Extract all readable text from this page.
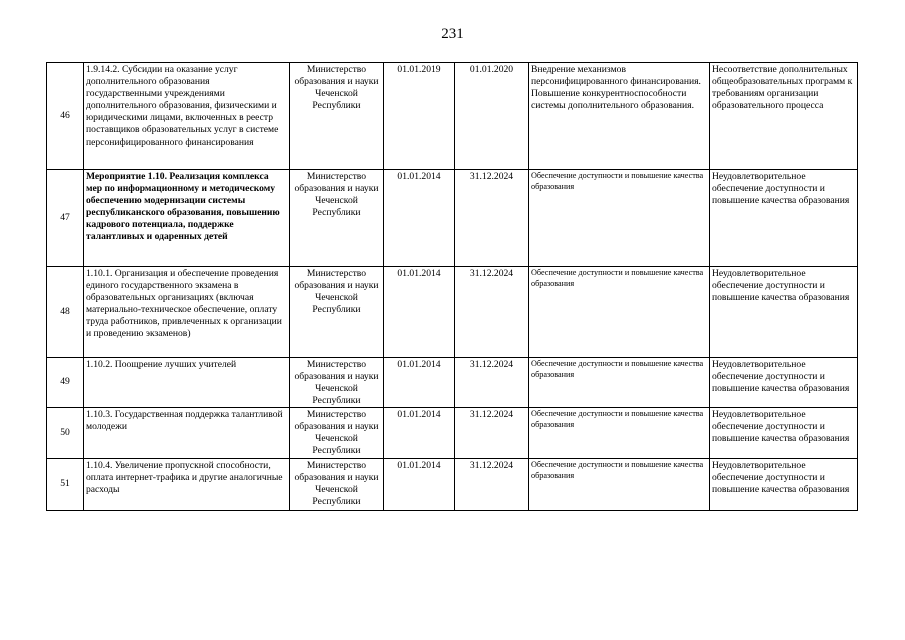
231
46	1.9.14.2. Субсидии на оказание услуг дополнительного образования государственными учреждениями дополнительного образования, физическими и юридическими лицами, включенных в реестр поставщиков образовательных услуг в системе персонифицированного финансирования	Министерство образования и науки Чеченской Республики	01.01.2019	01.01.2020	Внедрение механизмов персонифицированного финансирования. Повышение конкурентноспособности системы дополнительного образования.	Несоответствие дополнительных общеобразовательных программ к требованиям организации образовательного процесса

47	Мероприятие 1.10. Реализация комплекса мер по информационному и методическому обеспечению модернизации системы республиканского образования, повышению кадрового потенциала, поддержке талантливых и одаренных детей	Министерство образования и науки Чеченской Республики	01.01.2014	31.12.2024	Обеспечение доступности и повышение качества образования	Неудовлетворительное обеспечение доступности и повышение качества образования

48	1.10.1. Организация и обеспечение проведения единого государственного экзамена в образовательных организациях (включая материально-техническое обеспечение, оплату труда работников, привлеченных к организации и проведению экзаменов)	Министерство образования и науки Чеченской Республики	01.01.2014	31.12.2024	Обеспечение доступности и повышение качества образования	Неудовлетворительное обеспечение доступности и повышение качества образования

49	1.10.2. Поощрение лучших учителей	Министерство образования и науки Чеченской Республики	01.01.2014	31.12.2024	Обеспечение доступности и повышение качества образования	Неудовлетворительное обеспечение доступности и повышение качества образования

50	1.10.3. Государственная поддержка талантливой молодежи	Министерство образования и науки Чеченской Республики	01.01.2014	31.12.2024	Обеспечение доступности и повышение качества образования	Неудовлетворительное обеспечение доступности и повышение качества образования

51	1.10.4. Увеличение пропускной способности, оплата интернет-трафика и другие аналогичные расходы	Министерство образования и науки Чеченской Республики	01.01.2014	31.12.2024	Обеспечение доступности и повышение качества образования	Неудовлетворительное обеспечение доступности и повышение качества образования
